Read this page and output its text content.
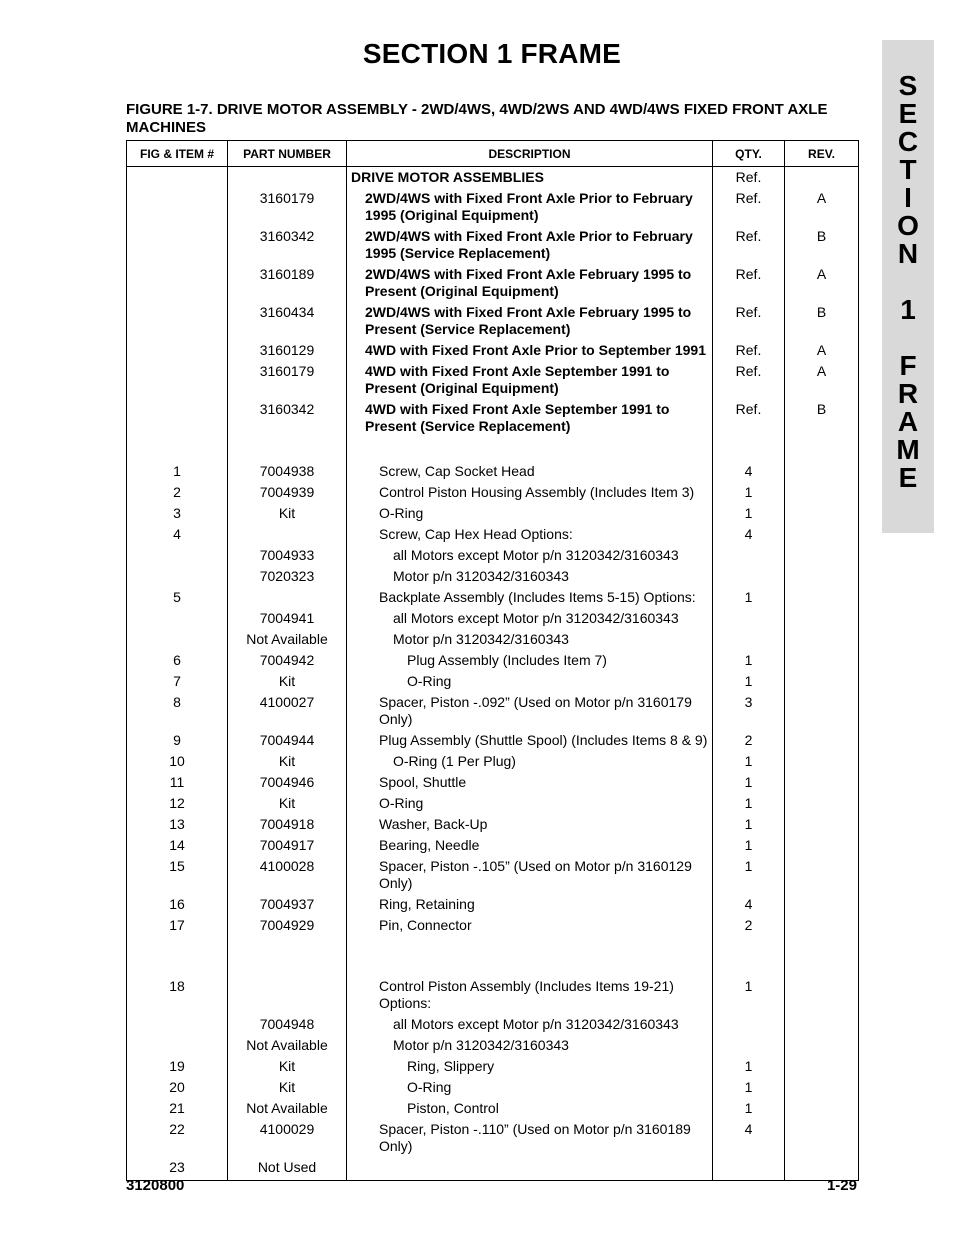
SECTION 1 FRAME
S
E
C
T
I
O
N
1
F
R
A
M
E
FIGURE 1-7. DRIVE MOTOR ASSEMBLY - 2WD/4WS, 4WD/2WS AND 4WD/4WS FIXED FRONT AXLE MACHINES
FIG & ITEM #	PART NUMBER	DESCRIPTION	QTY.	REV.

		DRIVE MOTOR ASSEMBLIES	Ref.	
	3160179	2WD/4WS with Fixed Front Axle Prior to February 1995 (Original Equipment)	Ref.	A
	3160342	2WD/4WS with Fixed Front Axle Prior to February 1995 (Service Replacement)	Ref.	B
	3160189	2WD/4WS with Fixed Front Axle February 1995 to Present (Original Equipment)	Ref.	A
	3160434	2WD/4WS with Fixed Front Axle February 1995 to Present (Service Replacement)	Ref.	B
	3160129	4WD with Fixed Front Axle Prior to September 1991	Ref.	A
	3160179	4WD with Fixed Front Axle September 1991 to Present (Original Equipment)	Ref.	A
	3160342	4WD with Fixed Front Axle September 1991 to Present (Service Replacement)	Ref.	B

1	7004938	Screw, Cap Socket Head	4	
2	7004939	Control Piston Housing Assembly (Includes Item 3)	1	
3	Kit	O-Ring	1	
4		Screw, Cap Hex Head Options:	4	
	7004933	all Motors except Motor p/n 3120342/3160343		

	7020323	Motor p/n 3120342/3160343		

5		Backplate Assembly (Includes Items 5-15) Options:	1	
	7004941	all Motors except Motor p/n 3120342/3160343		

	Not Available	Motor p/n 3120342/3160343		

6	7004942	Plug Assembly (Includes Item 7)	1	
7	Kit	O-Ring	1	
8	4100027	Spacer, Piston -.092” (Used on Motor p/n 3160179 Only)	3	
9	7004944	Plug Assembly (Shuttle Spool) (Includes Items 8 & 9)	2	
10	Kit	O-Ring (1 Per Plug)	1	
11	7004946	Spool, Shuttle	1	
12	Kit	O-Ring	1	
13	7004918	Washer, Back-Up	1	
14	7004917	Bearing, Needle	1	
15	4100028	Spacer, Piston -.105” (Used on Motor p/n 3160129 Only)	1	
16	7004937	Ring, Retaining	4	
17	7004929	Pin, Connector	2	

18		Control Piston Assembly (Includes Items 19-21) Options:	1	
	7004948	all Motors except Motor p/n 3120342/3160343		

	Not Available	Motor p/n 3120342/3160343		

19	Kit	Ring, Slippery	1	
20	Kit	O-Ring	1	
21	Not Available	Piston, Control	1	
22	4100029	Spacer, Piston -.110” (Used on Motor p/n 3160189 Only)	4	
23	Not Used	

3120800	1-29
